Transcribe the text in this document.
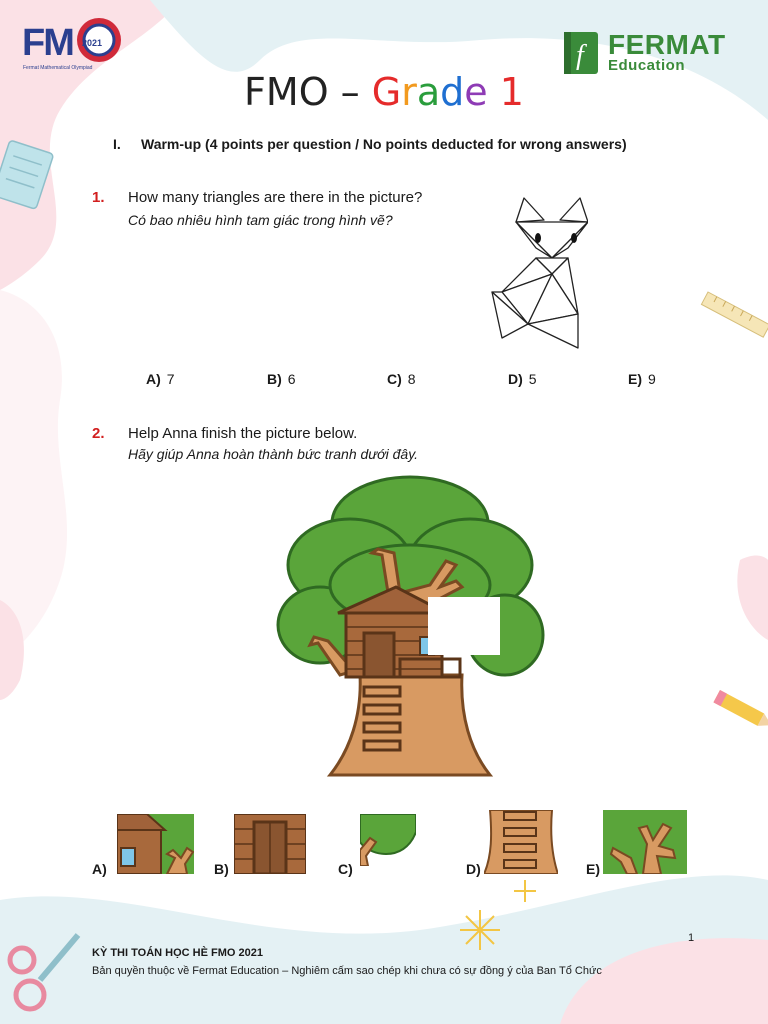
FM 2021
Fermat Mathematical Olympiad	f FERMAT
Education
FMO – Grade 1
I. Warm-up (4 points per question / No points deducted for wrong answers)
1. How many triangles are there in the picture?
Có bao nhiêu hình tam giác trong hình vẽ?
A) 7	B) 6	C) 8	D) 5	E) 9
2. Help Anna finish the picture below.
Hãy giúp Anna hoàn thành bức tranh dưới đây.
A)	B)	C)	D)	E)
1
KỲ THI TOÁN HỌC HÈ FMO 2021
Bản quyền thuộc về Fermat Education – Nghiêm cấm sao chép khi chưa có sự đồng ý của Ban Tổ Chức
